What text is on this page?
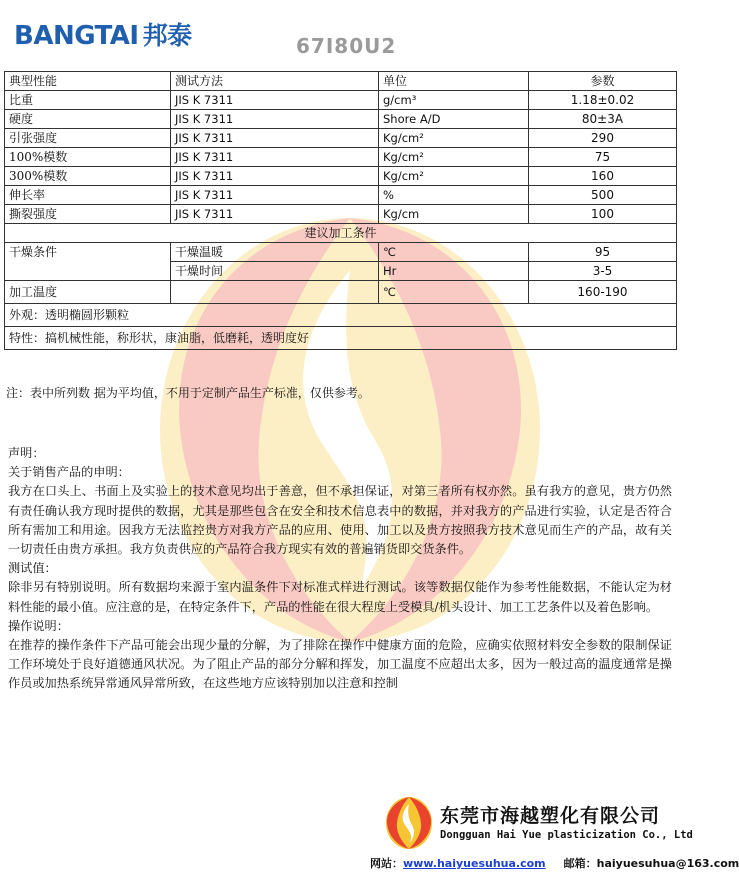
BANGTAI 邦泰	67I80U2
典型性能	测试方法	单位	参数
比重	JIS K 7311	g/cm³	1.18±0.02
硬度	JIS K 7311	Shore A/D	80±3A
引张强度	JIS K 7311	Kg/cm²	290
100%模数	JIS K 7311	Kg/cm²	75
300%模数	JIS K 7311	Kg/cm²	160
伸长率	JIS K 7311	%	500
撕裂强度	JIS K 7311	Kg/cm	100
建议加工条件			
干燥条件	干燥温暖	℃	95
	干燥时间	Hr	3-5
加工温度		℃	160-190
外观：透明椭圆形颗粒			
特性：搞机械性能，称形状，康油脂，低磨耗，透明度好			
注：表中所列数 据为平均值，不用于定制产品生产标准，仅供参考。

声明：

关于销售产品的申明：

我方在口头上、书面上及实验上的技术意见均出于善意，但不承担保证，对第三者所有权亦然。虽有我方的意见，贵方仍然有责任确认我方现时提供的数据，尤其是那些包含在安全和技术信息表中的数据，并对我方的产品进行实验，认定是否符合所有需加工和用途。因我方无法监控贵方对我方产品的应用、使用、加工以及贵方按照我方技术意见而生产的产品，故有关一切责任由贵方承担。我方负责供应的产品符合我方现实有效的普遍销货即交货条件。

测试值：

除非另有特别说明。所有数据均来源于室内温条件下对标准式样进行测试。该等数据仅能作为参考性能数据，不能认定为材料性能的最小值。应注意的是，在特定条件下，产品的性能在很大程度上受模具/机头设计、加工工艺条件以及着色影响。

操作说明：

在推荐的操作条件下产品可能会出现少量的分解，为了排除在操作中健康方面的危险，应确实依照材料安全参数的限制保证工作环境处于良好道德通风状况。为了阻止产品的部分分解和挥发，加工温度不应超出太多，因为一般过高的温度通常是操作员或加热系统异常通风异常所致，在这些地方应该特别加以注意和控制

东莞市海越塑化有限公司
Dongguan Hai Yue plasticization Co., Ltd
网站：www.haiyuesuhua.com 邮箱：haiyuesuhua@163.com
